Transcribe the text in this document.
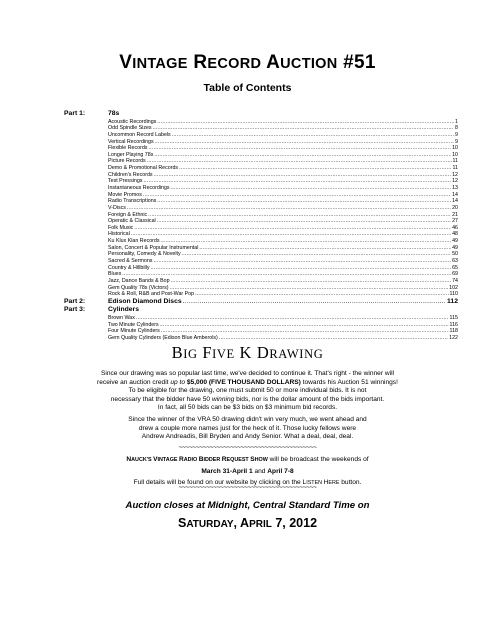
VINTAGE RECORD AUCTION #51
Table of Contents
Part 1:	78s
Acoustic Recordings .....	1
Odd Spindle Sizes .....	8
Uncommon Record Labels .....	9
Vertical Recordings .....	9
Flexible Records .....	10
Longer Playing 78s .....	10
Picture Records .....	11
Demo & Promotional Records .....	11
Children's Records .....	12
Test Pressings .....	12
Instantaneous Recordings .....	13
Movie Promos .....	14
Radio Transcriptions .....	14
V-Discs .....	20
Foreign & Ethnic .....	21
Operatic & Classical .....	27
Folk Music .....	46
Historical .....	48
Ku Klux Klan Records .....	49
Salon, Concert & Popular Instrumental .....	49
Personality, Comedy & Novelty .....	50
Sacred & Sermons .....	63
Country & Hillbilly .....	65
Blues .....	69
Jazz, Dance Bands & Bop .....	74
Gem Quality 78s (Victors) .....	102
Rock & Roll, R&B and Post-War Pop .....	110
Part 2:	Edison Diamond Discs .....	112
Part 3:	Cylinders
Brown Wax .....	115
Two Minute Cylinders .....	116
Four Minute Cylinders .....	118
Gem Quality Cylinders (Edison Blue Amberols) .....	122
BIG FIVE K DRAWING
Since our drawing was so popular last time, we've decided to continue it. That's right - the winner will
receive an auction credit up to $5,000 (FIVE THOUSAND DOLLARS) towards his Auction 51 winnings!
To be eligible for the drawing, one must submit 50 or more individual bids. It is not
necessary that the bidder have 50 winning bids, nor is the dollar amount of the bids important.
In fact, all 50 bids can be $3 bids on $3 minimum bid records.
Since the winner of the VRA 50 drawing didn't win very much, we went ahead and
drew a couple more names just for the heck of it. Those lucky fellows were
Andrew Andreadis, Bill Bryden and Andy Senior. What a deal, deal, deal.
~~~~~~~~~~~~~~~~~~~~~~~~~~~~~~~~~~~~~~~~
NAUCK'S VINTAGE RADIO BIDDER REQUEST SHOW will be broadcast the weekends of
March 31-April 1 and April 7-8
Full details will be found on our website by clicking on the LISTEN HERE button.
~~~~~~~~~~~~~~~~~~~~~~~~~~~~~~~~~~~~~~~~
Auction closes at Midnight, Central Standard Time on
SATURDAY, APRIL 7, 2012
